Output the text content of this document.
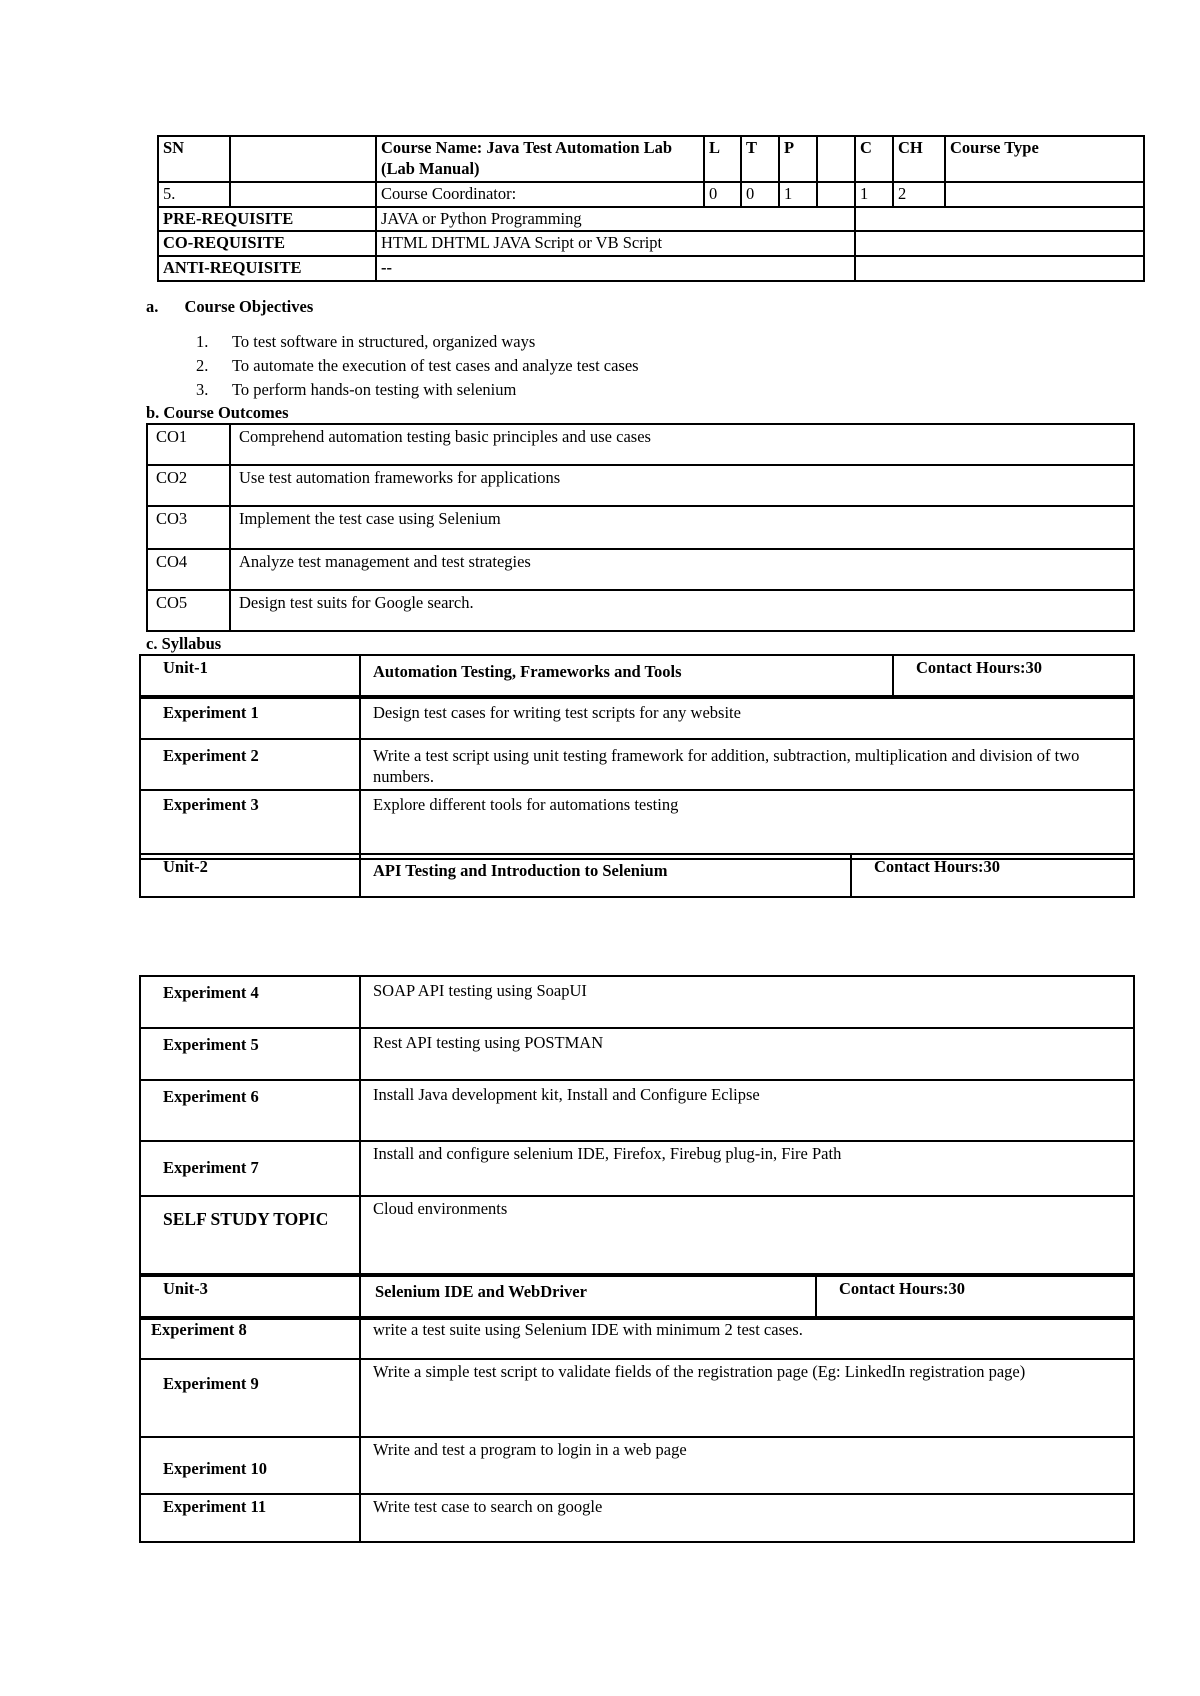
SN		Course Name: Java Test Automation Lab (Lab Manual)	L	T	P		C	CH	Course Type
5.		Course Coordinator:	0	0	1		1	2	
PRE-REQUISITE		JAVA or Python Programming							
CO-REQUISITE		HTML DHTML JAVA Script or VB Script							
ANTI-REQUISITE		--							
a. Course Objectives
1. To test software in structured, organized ways
2. To automate the execution of test cases and analyze test cases
3. To perform hands-on testing with selenium
b. Course Outcomes
CO1	Comprehend automation testing basic principles and use cases
CO2	Use test automation frameworks for applications
CO3	Implement the test case using Selenium
CO4	Analyze test management and test strategies
CO5	Design test suits for Google search.
c. Syllabus
Unit-1	Automation Testing, Frameworks and Tools	Contact Hours:30
Experiment 1	Design test cases for writing test scripts for any website
Experiment 2	Write a test script using unit testing framework for addition, subtraction, multiplication and division of two numbers.
Experiment 3	Explore different tools for automations testing
Unit-2	API Testing and Introduction to Selenium	Contact Hours:30
Experiment 4	SOAP API testing using SoapUI
Experiment 5	Rest API testing using POSTMAN
Experiment 6	Install Java development kit, Install and Configure Eclipse
Experiment 7	Install and configure selenium IDE, Firefox, Firebug plug-in, Fire Path
SELF STUDY TOPIC	Cloud environments
Unit-3	Selenium IDE and WebDriver	Contact Hours:30
Experiment 8	write a test suite using Selenium IDE with minimum 2 test cases.
Experiment 9	Write a simple test script to validate fields of the registration page (Eg: LinkedIn registration page)
Experiment 10	Write and test a program to login in a web page
Experiment 11	Write test case to search on google
